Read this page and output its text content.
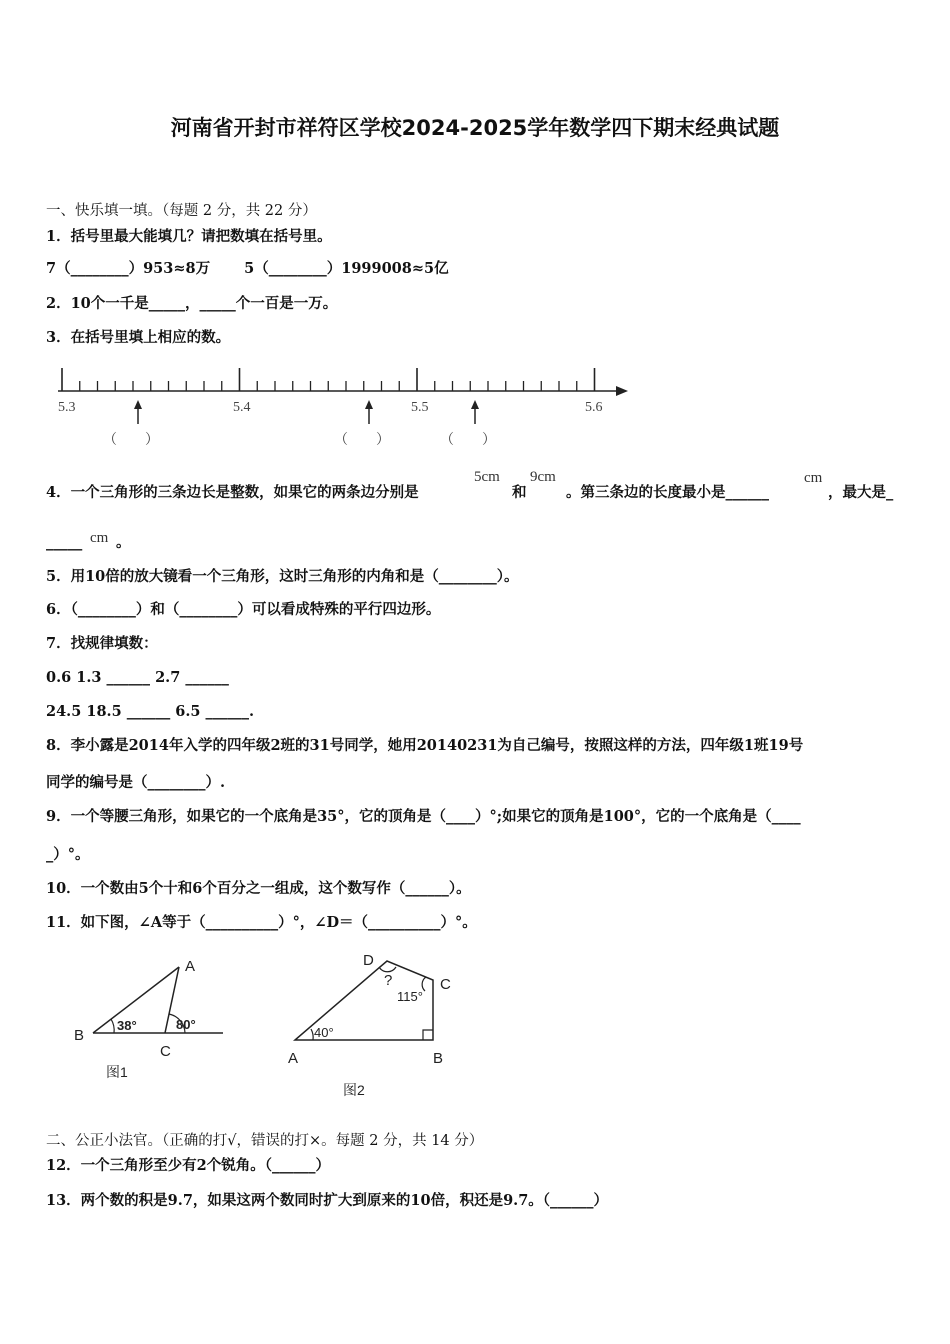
河南省开封市祥符区学校2024-2025学年数学四下期末经典试题
一、快乐填一填。（每题 2 分，共 22 分）
1．括号里最大能填几？请把数填在括号里。
7（________）953≈8万　　 5（________）1999008≈5亿
2．10个一千是_____，_____个一百是一万。
3．在括号里填上相应的数。
5.3	5.4	5.5	5.6
（　　）	（　　）	（　　）
4．一个三角形的三条边长是整数，如果它的两条边分别是
5cm
和
9cm
。第三条边的长度最小是______
cm
，最大是_
_____ cm 。
5．用10倍的放大镜看一个三角形，这时三角形的内角和是（________）。
6．（________）和（________）可以看成特殊的平行四边形。
7．找规律填数：
0.6 1.3 ______ 2.7 ______
24.5 18.5 ______ 6.5 ______.
8．李小露是2014年入学的四年级2班的31号同学，她用20140231为自己编号，按照这样的方法，四年级1班19号
同学的编号是（________）.
9．一个等腰三角形，如果它的一个底角是35°，它的顶角是（____）°;如果它的顶角是100°，它的一个底角是（____
_）°。
10．一个数由5个十和6个百分之一组成，这个数写作（______）。
11．如下图，∠A等于（__________）°，∠D＝（__________）°。
A
B
C
38°	80°
图1
D
C
A	B
?
115°
40°
图2
二、公正小法官。（正确的打√，错误的打×。每题 2 分，共 14 分）
12．一个三角形至少有2个锐角。（______）
13．两个数的积是9.7，如果这两个数同时扩大到原来的10倍，积还是9.7。（______）
